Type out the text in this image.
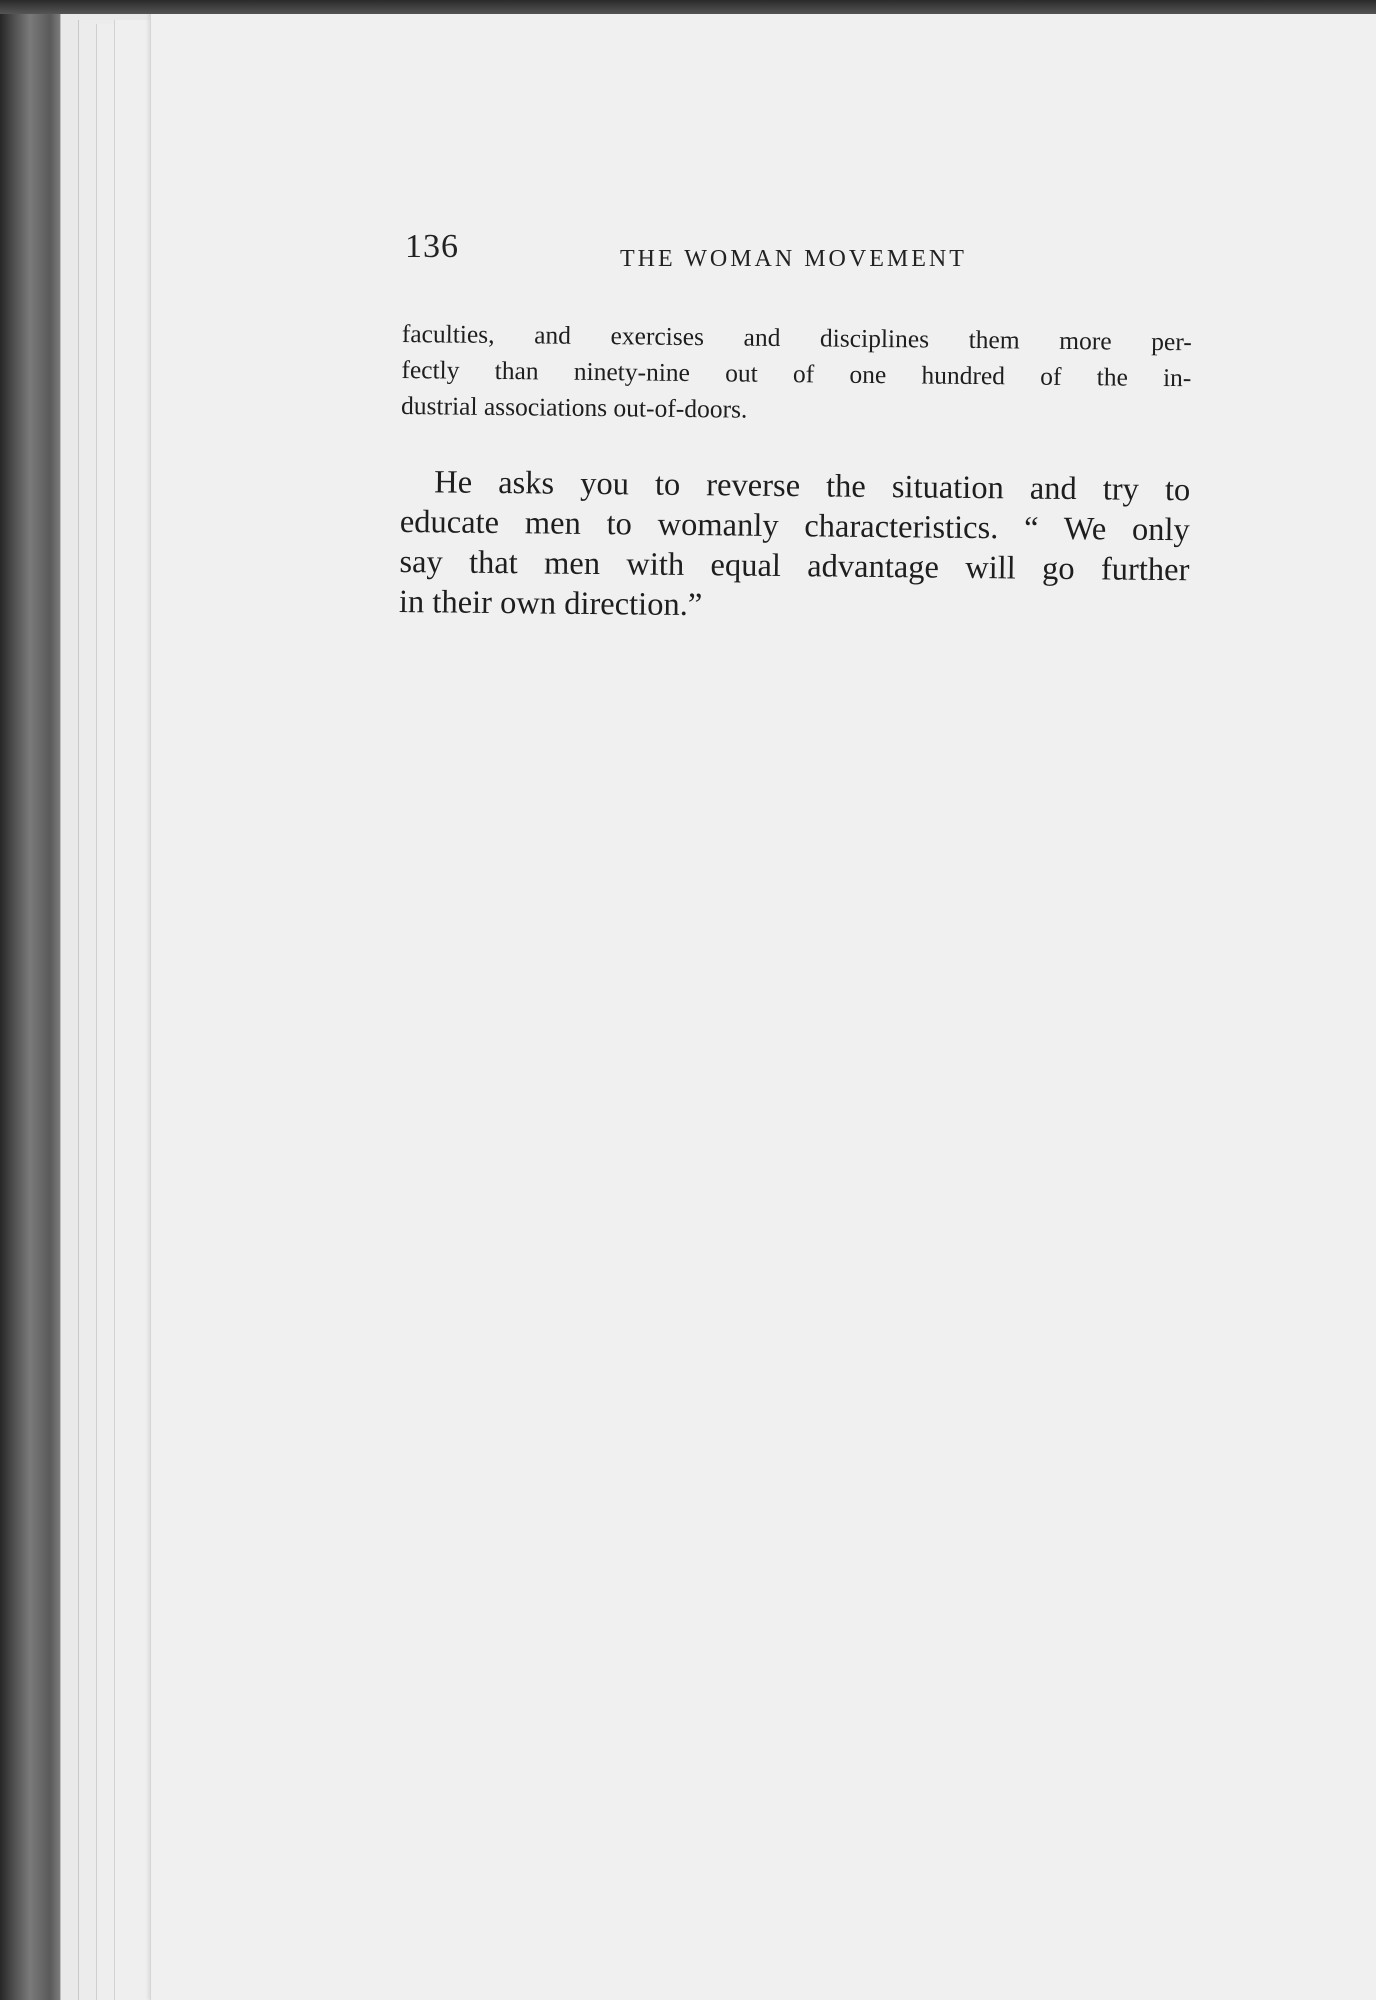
136	THE WOMAN MOVEMENT

faculties, and exercises and disciplines them more per-
fectly than ninety-nine out of one hundred of the in-
dustrial associations out-of-doors.

He asks you to reverse the situation and try to
educate men to womanly characteristics. “ We only
say that men with equal advantage will go further
in their own direction.”
